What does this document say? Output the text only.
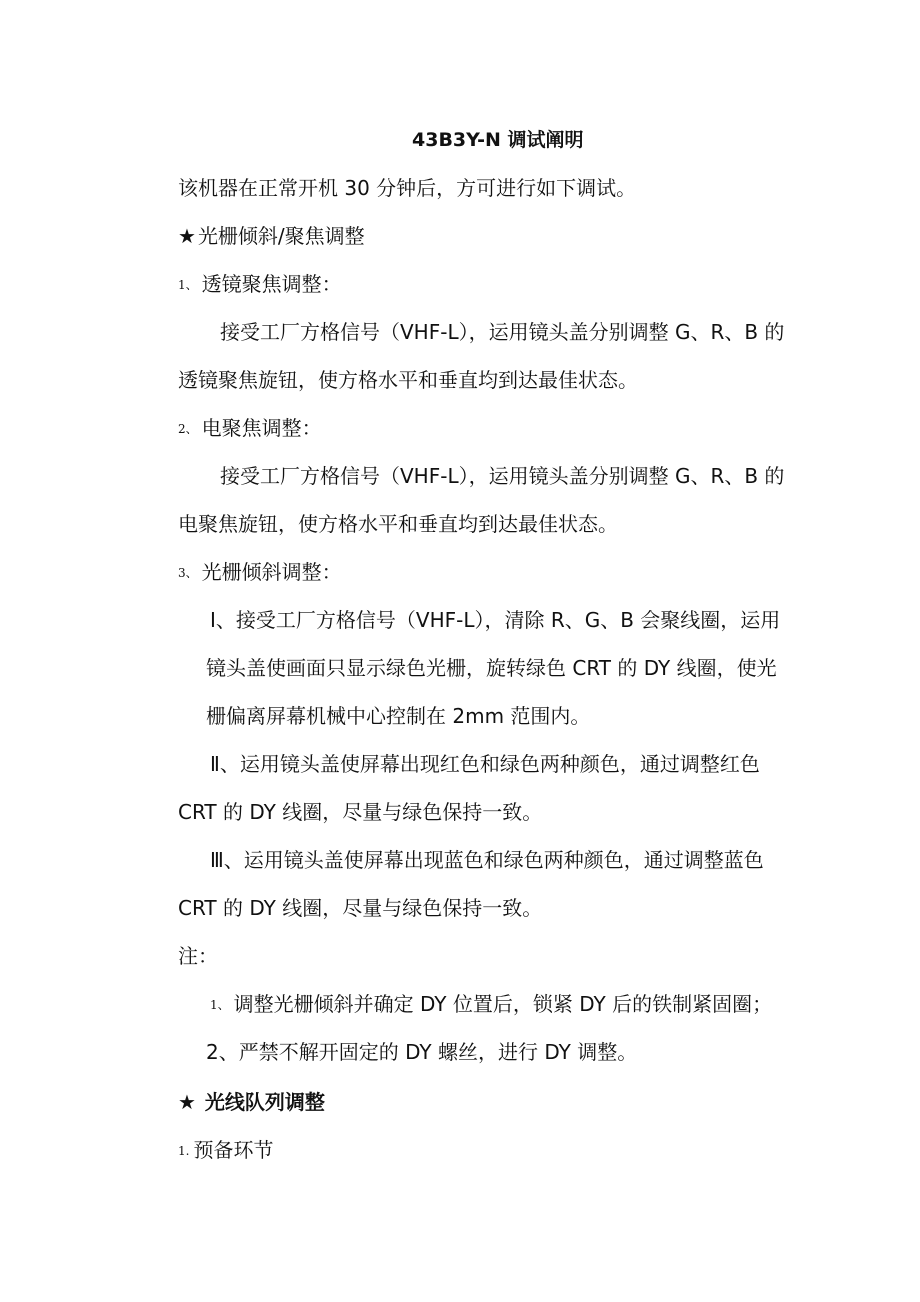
43B3Y-N 调试阐明
该机器在正常开机 30 分钟后，方可进行如下调试。
★ 光栅倾斜/聚焦调整
1、 透镜聚焦调整：
接受工厂方格信号（VHF-L），运用镜头盖分别调整 G、R、B 的
透镜聚焦旋钮，使方格水平和垂直均到达最佳状态。
2、 电聚焦调整：
接受工厂方格信号（VHF-L），运用镜头盖分别调整 G、R、B 的
电聚焦旋钮，使方格水平和垂直均到达最佳状态。
3、 光栅倾斜调整：
Ⅰ、接受工厂方格信号（VHF-L），清除 R、G、B 会聚线圈，运用
镜头盖使画面只显示绿色光栅，旋转绿色 CRT 的 DY 线圈，使光
栅偏离屏幕机械中心控制在 2mm 范围内。
Ⅱ、运用镜头盖使屏幕出现红色和绿色两种颜色，通过调整红色
CRT 的 DY 线圈，尽量与绿色保持一致。
Ⅲ、运用镜头盖使屏幕出现蓝色和绿色两种颜色，通过调整蓝色
CRT 的 DY 线圈，尽量与绿色保持一致。
注：
1、 调整光栅倾斜并确定 DY 位置后，锁紧 DY 后的铁制紧固圈；
2、严禁不解开固定的 DY 螺丝，进行 DY 调整。
★ 光线队列调整
1. 预备环节
